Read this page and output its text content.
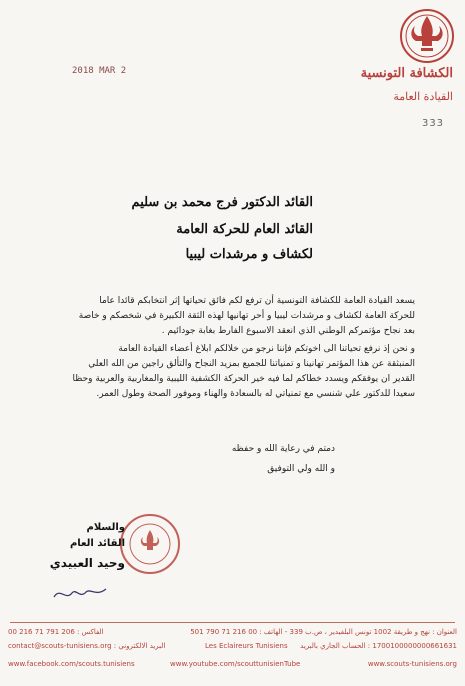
الكشافة التونسية
القيادة العامة
333
2018 MAR 2
القائد الدكتور فرج محمد بن سليم
القائد العام للحركة العامة
لكشاف و مرشدات ليبيا
يسعد القيادة العامة للكشافة التونسية أن ترفع لكم فائق تحياتها إثر انتخابكم قائدا عاما
للحركة العامة لكشاف و مرشدات ليبيا و أحر تهانيها لهذه الثقة الكبيرة في شخصكم و خاصة
بعد نجاح مؤتمركم الوطني الذي انعقد الاسبوع الفارط بغابة جودائيم .
و نحن إذ نرفع تحياتنا الى اخوتكم فإننا نرجو من خلالكم ابلاغ أعضاء القيادة العامة
المنبثقة عن هذا المؤتمر تهانينا و تمنياتنا للجميع بمزيد النجاح والتألق راجين من الله العلي
القدير ان يوفقكم ويسدد خطاكم لما فيه خير الحركة الكشفية الليبية والمغاربية والعربية وحظا
سعيدا للدكتور علي شنسي مع تمنياتي له بالسعادة والهناء وموفور الصحة وطول العمر.
دمتم في رعاية الله و حفظه
و الله ولي التوفيق
والسلام
القائد العام
وحيد العبيدي
00 216 71 791 206 : الفاكس	العنوان : نهج و طريقة 1002 تونس البلفيدير ، ص.ب 339 - الهاتف : 00 216 71 790 501
contact@scouts-tunisiens.org : البريد الالكتروني	Les Eclaireurs Tunisiens 1700100000000661631 : الحساب الجاري بالبريد
www.facebook.com/scouts.tunisiens	www.youtube.com/scouttunisienTube	www.scouts-tunisiens.org
